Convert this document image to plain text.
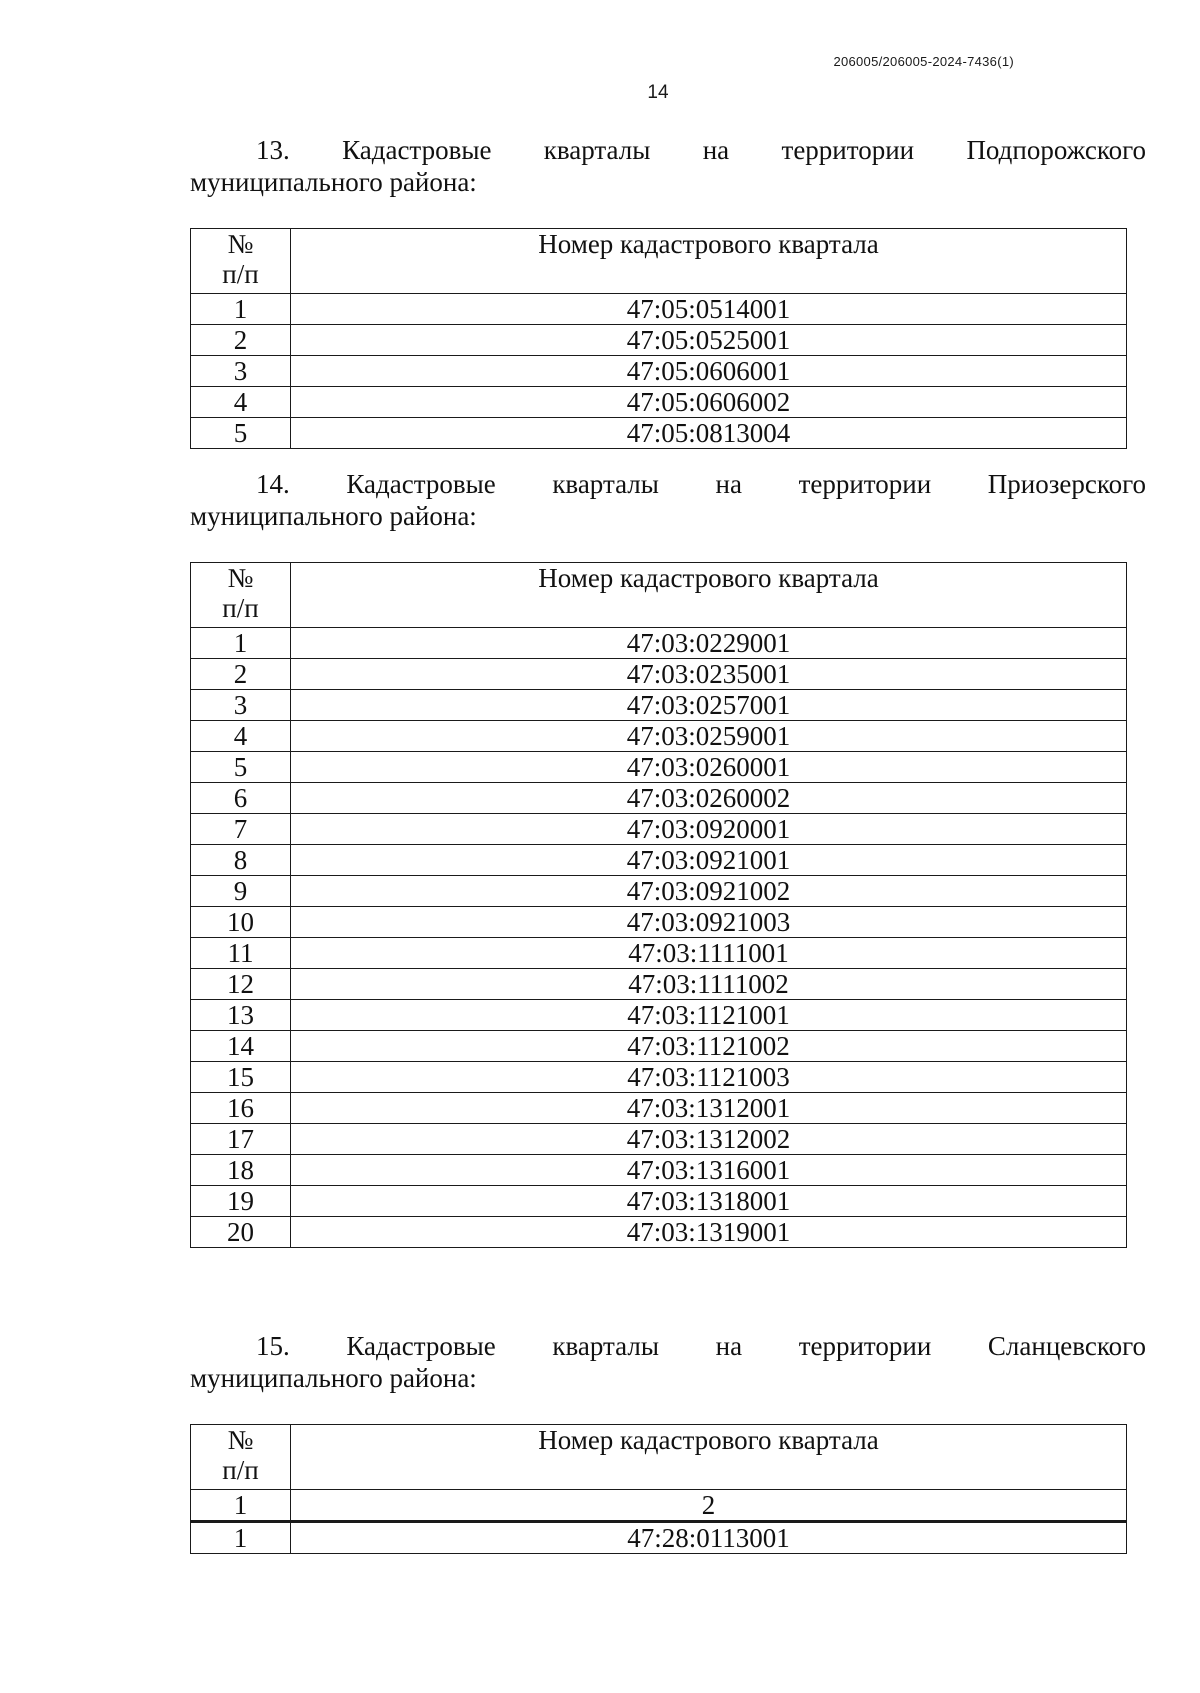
206005/206005-2024-7436(1)
14
13. Кадастровые кварталы на территории Подпорожского
муниципального района:
№
п/п	Номер кадастрового квартала
1	47:05:0514001
2	47:05:0525001
3	47:05:0606001
4	47:05:0606002
5	47:05:0813004
14. Кадастровые кварталы на территории Приозерского
муниципального района:
№
п/п	Номер кадастрового квартала
1	47:03:0229001
2	47:03:0235001
3	47:03:0257001
4	47:03:0259001
5	47:03:0260001
6	47:03:0260002
7	47:03:0920001
8	47:03:0921001
9	47:03:0921002
10	47:03:0921003
11	47:03:1111001
12	47:03:1111002
13	47:03:1121001
14	47:03:1121002
15	47:03:1121003
16	47:03:1312001
17	47:03:1312002
18	47:03:1316001
19	47:03:1318001
20	47:03:1319001
15. Кадастровые кварталы на территории Сланцевского
муниципального района:
№
п/п	Номер кадастрового квартала
1	2
1	47:28:0113001
